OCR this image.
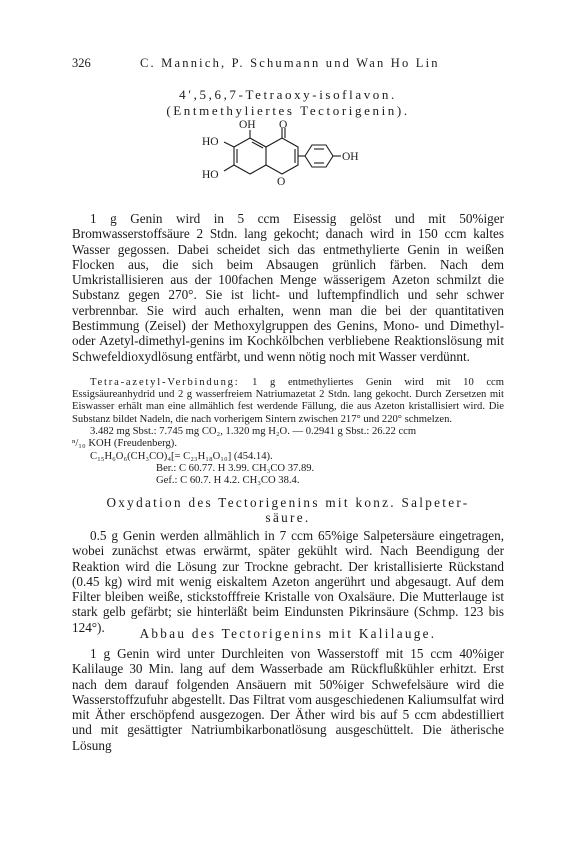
326	C. Mannich, P. Schumann und Wan Ho Lin
4′,5,6,7-Tetraoxy-isoflavon.
(Entmethyliertes Tectorigenin).
OH O
HO
HO
O
OH

1 g Genin wird in 5 ccm Eisessig gelöst und mit 50%iger Bromwasserstoffsäure 2 Stdn. lang gekocht; danach wird in 150 ccm kaltes Wasser gegossen. Dabei scheidet sich das entmethylierte Genin in weißen Flocken aus, die sich beim Absaugen grünlich färben. Nach dem Umkristallisieren aus der 100fachen Menge wässerigem Azeton schmilzt die Substanz gegen 270°. Sie ist licht- und luftempfindlich und sehr schwer verbrennbar. Sie wird auch erhalten, wenn man die bei der quantitativen Bestimmung (Zeisel) der Methoxylgruppen des Genins, Mono- und Dimethyl- oder Azetyl-dimethyl-genins im Kochkölbchen verbliebene Reaktionslösung mit Schwefeldioxydlösung entfärbt, und wenn nötig noch mit Wasser verdünnt.

Tetra-azetyl-Verbindung: 1 g entmethyliertes Genin wird mit 10 ccm Essigsäureanhydrid und 2 g wasserfreiem Natriumazetat 2 Stdn. lang gekocht. Durch Zersetzen mit Eiswasser erhält man eine allmählich fest werdende Fällung, die aus Azeton kristallisiert wird. Die Substanz bildet Nadeln, die nach vorherigem Sintern zwischen 217° und 220° schmelzen.

3.482 mg Sbst.: 7.745 mg CO₂, 1.320 mg H₂O. — 0.2941 g Sbst.: 26.22 ccm

ⁿ/₁₀ KOH (Freudenberg).

C₁₅H₆O₆(CH₃CO)₄[= C₂₃H₁₈O₁₀] (454.14).

Ber.: C 60.77. H 3.99. CH₃CO 37.89.

Gef.: C 60.7. H 4.2. CH₃CO 38.4.

Oxydation des Tectorigenins mit konz. Salpeter-

säure.

0.5 g Genin werden allmählich in 7 ccm 65%ige Salpetersäure eingetragen, wobei zunächst etwas erwärmt, später gekühlt wird. Nach Beendigung der Reaktion wird die Lösung zur Trockne gebracht. Der kristallisierte Rückstand (0.45 kg) wird mit wenig eiskaltem Azeton angerührt und abgesaugt. Auf dem Filter bleiben weiße, stickstofffreie Kristalle von Oxalsäure. Die Mutterlauge ist stark gelb gefärbt; sie hinterläßt beim Eindunsten Pikrinsäure (Schmp. 123 bis 124°).	Abbau des Tectorigenins mit Kalilauge.

1 g Genin wird unter Durchleiten von Wasserstoff mit 15 ccm 40%iger Kalilauge 30 Min. lang auf dem Wasserbade am Rückflußkühler erhitzt. Erst nach dem darauf folgenden Ansäuern mit 50%iger Schwefelsäure wird die Wasserstoffzufuhr abgestellt. Das Filtrat vom ausgeschiedenen Kaliumsulfat wird mit Äther erschöpfend ausgezogen. Der Äther wird bis auf 5 ccm abdestilliert und mit gesättigter Natriumbikarbonatlösung ausgeschüttelt. Die ätherische Lösung
